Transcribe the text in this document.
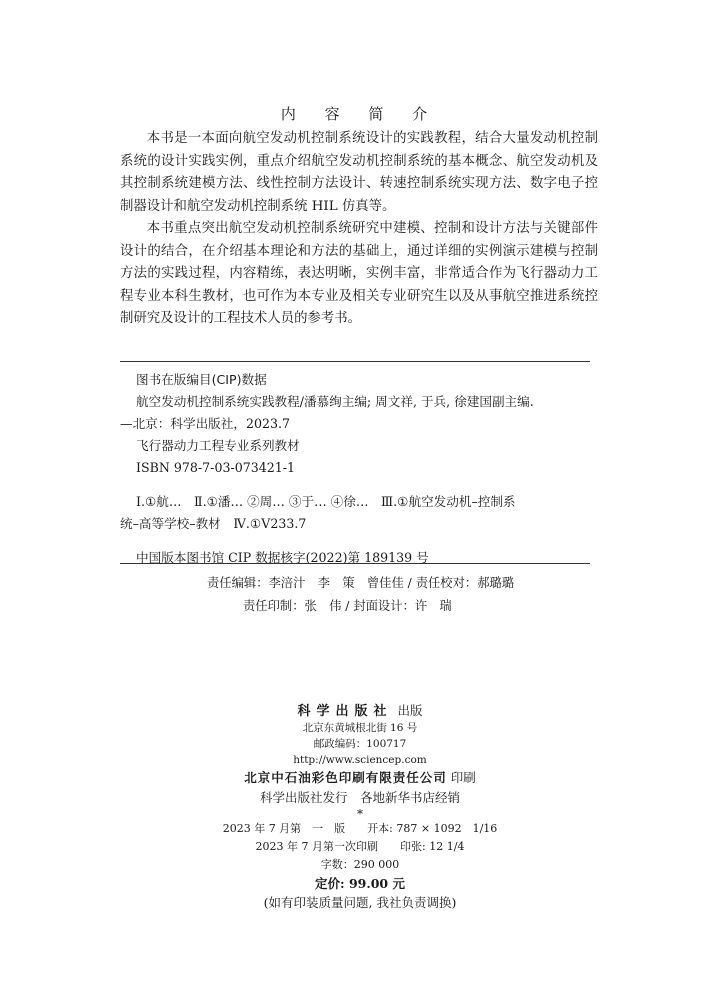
内 容 简 介

本书是一本面向航空发动机控制系统设计的实践教程，结合大量发动机控制系统的设计实践实例，重点介绍航空发动机控制系统的基本概念、航空发动机及其控制系统建模方法、线性控制方法设计、转速控制系统实现方法、数字电子控制器设计和航空发动机控制系统 HIL 仿真等。

本书重点突出航空发动机控制系统研究中建模、控制和设计方法与关键部件设计的结合，在介绍基本理论和方法的基础上，通过详细的实例演示建模与控制方法的实践过程，内容精练，表达明晰，实例丰富，非常适合作为飞行器动力工程专业本科生教材，也可作为本专业及相关专业研究生以及从事航空推进系统控制研究及设计的工程技术人员的参考书。

图书在版编目(CIP)数据
航空发动机控制系统实践教程/潘慕绚主编; 周文祥, 于兵, 徐建国副主编.
—北京：科学出版社，2023.7
飞行器动力工程专业系列教材
ISBN 978-7-03-073421-1
Ⅰ.①航…　Ⅱ.①潘… ②周… ③于… ④徐…　Ⅲ.①航空发动机–控制系
统–高等学校–教材　Ⅳ.①V233.7
中国版本图书馆 CIP 数据核字(2022)第 189139 号
责任编辑：李涪汁　李　策　曾佳佳 / 责任校对：郝璐璐
责任印制：张　伟 / 封面设计：许　瑞
科学出版社 出版
北京东黄城根北街 16 号
邮政编码：100717
http://www.sciencep.com
北京中石油彩色印刷有限责任公司 印刷
科学出版社发行　各地新华书店经销
*
2023 年 7 月第　一　版　　开本: 787 × 1092　1/16
2023 年 7 月第一次印刷　　印张: 12 1/4
字数：290 000
定价: 99.00 元
(如有印装质量问题, 我社负责调换)
